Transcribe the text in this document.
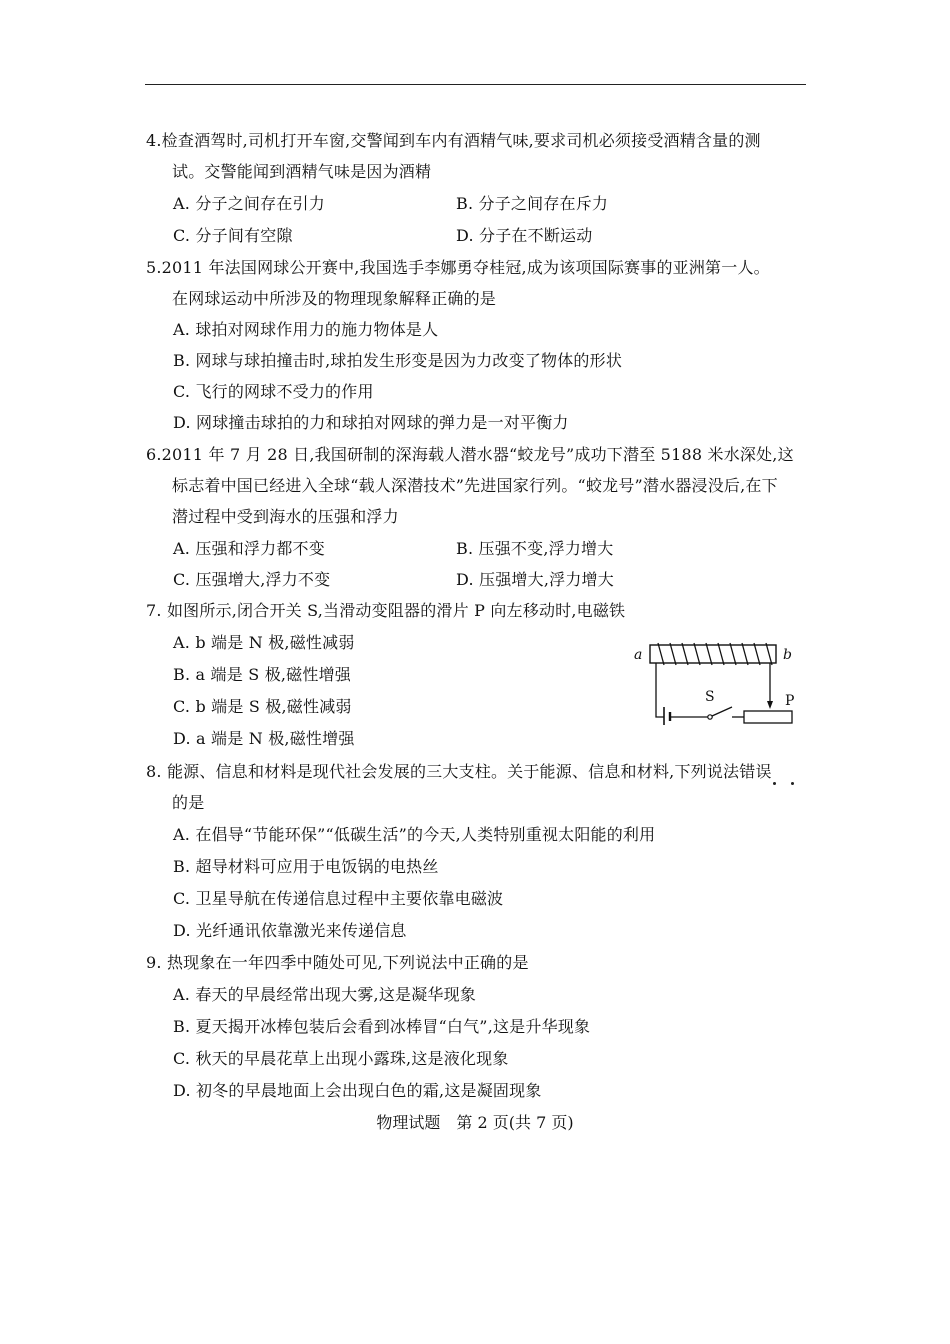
4.检查酒驾时,司机打开车窗,交警闻到车内有酒精气味,要求司机必须接受酒精含量的测
试。交警能闻到酒精气味是因为酒精
A. 分子之间存在引力	B. 分子之间存在斥力
C. 分子间有空隙	D. 分子在不断运动
5.2011 年法国网球公开赛中,我国选手李娜勇夺桂冠,成为该项国际赛事的亚洲第一人。
在网球运动中所涉及的物理现象解释正确的是
A. 球拍对网球作用力的施力物体是人
B. 网球与球拍撞击时,球拍发生形变是因为力改变了物体的形状
C. 飞行的网球不受力的作用
D. 网球撞击球拍的力和球拍对网球的弹力是一对平衡力
6.2011 年 7 月 28 日,我国研制的深海载人潜水器“蛟龙号”成功下潜至 5188 米水深处,这
标志着中国已经进入全球“载人深潜技术”先进国家行列。“蛟龙号”潜水器浸没后,在下
潜过程中受到海水的压强和浮力
A. 压强和浮力都不变	B. 压强不变,浮力增大
C. 压强增大,浮力不变	D. 压强增大,浮力增大
7. 如图所示,闭合开关 S,当滑动变阻器的滑片 P 向左移动时,电磁铁
A. b 端是 N 极,磁性减弱
B. a 端是 S 极,磁性增强
C. b 端是 S 极,磁性减弱
D. a 端是 N 极,磁性增强
a	b
S	P
8. 能源、信息和材料是现代社会发展的三大支柱。关于能源、信息和材料,下列说法错误
的是
A. 在倡导“节能环保”“低碳生活”的今天,人类特别重视太阳能的利用
B. 超导材料可应用于电饭锅的电热丝
C. 卫星导航在传递信息过程中主要依靠电磁波
D. 光纤通讯依靠激光来传递信息
9. 热现象在一年四季中随处可见,下列说法中正确的是
A. 春天的早晨经常出现大雾,这是凝华现象
B. 夏天揭开冰棒包装后会看到冰棒冒“白气”,这是升华现象
C. 秋天的早晨花草上出现小露珠,这是液化现象
D. 初冬的早晨地面上会出现白色的霜,这是凝固现象
物理试题　第 2 页(共 7 页)
